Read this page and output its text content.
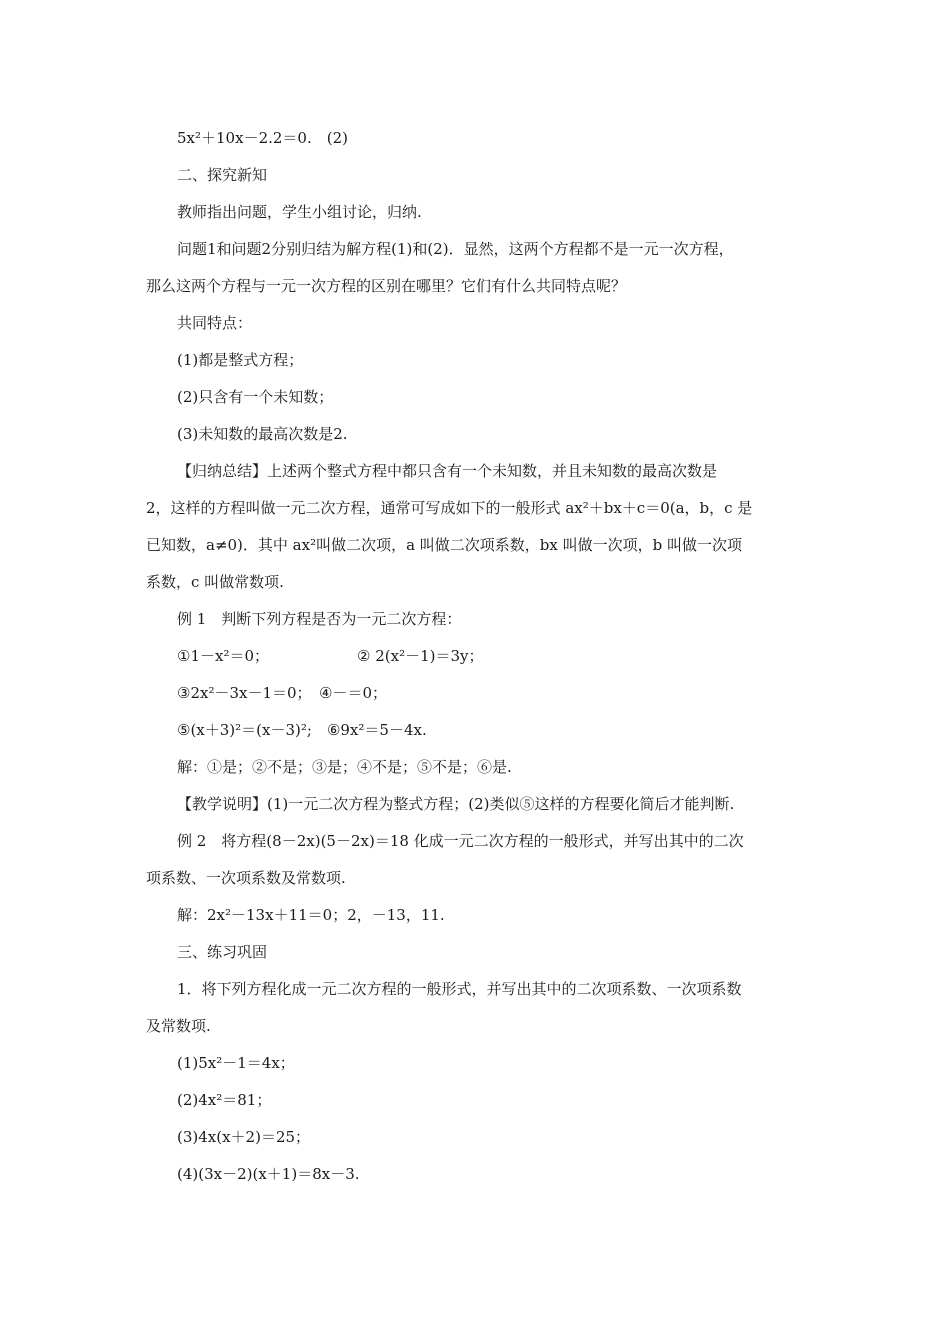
5x²＋10x－2.2＝0.　(2)
二、探究新知
教师指出问题，学生小组讨论，归纳.
问题1和问题2分别归结为解方程(1)和(2)．显然，这两个方程都不是一元一次方程，
那么这两个方程与一元一次方程的区别在哪里？它们有什么共同特点呢？
共同特点：
(1)都是整式方程；
(2)只含有一个未知数；
(3)未知数的最高次数是2.
【归纳总结】上述两个整式方程中都只含有一个未知数，并且未知数的最高次数是
2，这样的方程叫做一元二次方程，通常可写成如下的一般形式 ax²＋bx＋c＝0(a，b，c 是
已知数，a≠0)．其中 ax²叫做二次项，a 叫做二次项系数，bx 叫做一次项，b 叫做一次项
系数，c 叫做常数项.
例 1　判断下列方程是否为一元二次方程：
①1－x²＝0；	② 2(x²－1)＝3y；
③2x²－3x－1＝0；　④－＝0；
⑤(x＋3)²＝(x－3)²;　⑥9x²＝5－4x.
解：①是；②不是；③是；④不是；⑤不是；⑥是.
【教学说明】(1)一元二次方程为整式方程；(2)类似⑤这样的方程要化简后才能判断.
例 2　将方程(8－2x)(5－2x)＝18 化成一元二次方程的一般形式，并写出其中的二次
项系数、一次项系数及常数项.
解：2x²－13x＋11＝0；2，－13，11.
三、练习巩固
1．将下列方程化成一元二次方程的一般形式，并写出其中的二次项系数、一次项系数
及常数项.
(1)5x²－1＝4x；
(2)4x²＝81；
(3)4x(x＋2)＝25；
(4)(3x－2)(x＋1)＝8x－3.
